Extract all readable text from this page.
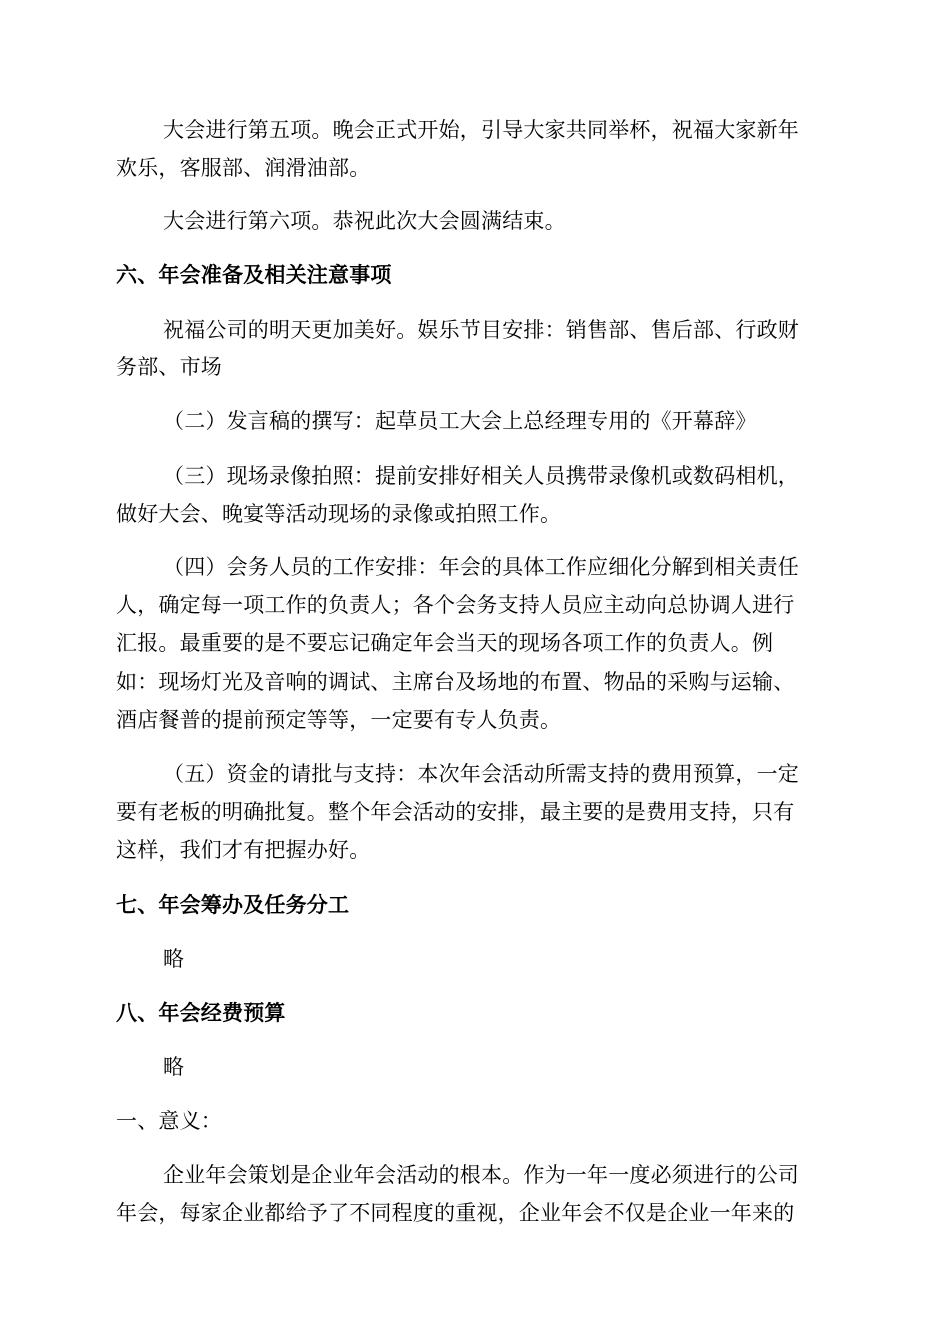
大会进行第五项。晚会正式开始，引导大家共同举杯，祝福大家新年
欢乐，客服部、润滑油部。
大会进行第六项。恭祝此次大会圆满结束。
六、年会准备及相关注意事项
祝福公司的明天更加美好。娱乐节目安排：销售部、售后部、行政财
务部、市场
（二）发言稿的撰写：起草员工大会上总经理专用的《开幕辞》
（三）现场录像拍照：提前安排好相关人员携带录像机或数码相机，
做好大会、晚宴等活动现场的录像或拍照工作。
（四）会务人员的工作安排：年会的具体工作应细化分解到相关责任
人，确定每一项工作的负责人；各个会务支持人员应主动向总协调人进行
汇报。最重要的是不要忘记确定年会当天的现场各项工作的负责人。例
如：现场灯光及音响的调试、主席台及场地的布置、物品的采购与运输、
酒店餐普的提前预定等等，一定要有专人负责。
（五）资金的请批与支持：本次年会活动所需支持的费用预算，一定
要有老板的明确批复。整个年会活动的安排，最主要的是费用支持，只有
这样，我们才有把握办好。
七、年会筹办及任务分工
略
八、年会经费预算
略
一、意义：
企业年会策划是企业年会活动的根本。作为一年一度必须进行的公司
年会，每家企业都给予了不同程度的重视，企业年会不仅是企业一年来的
